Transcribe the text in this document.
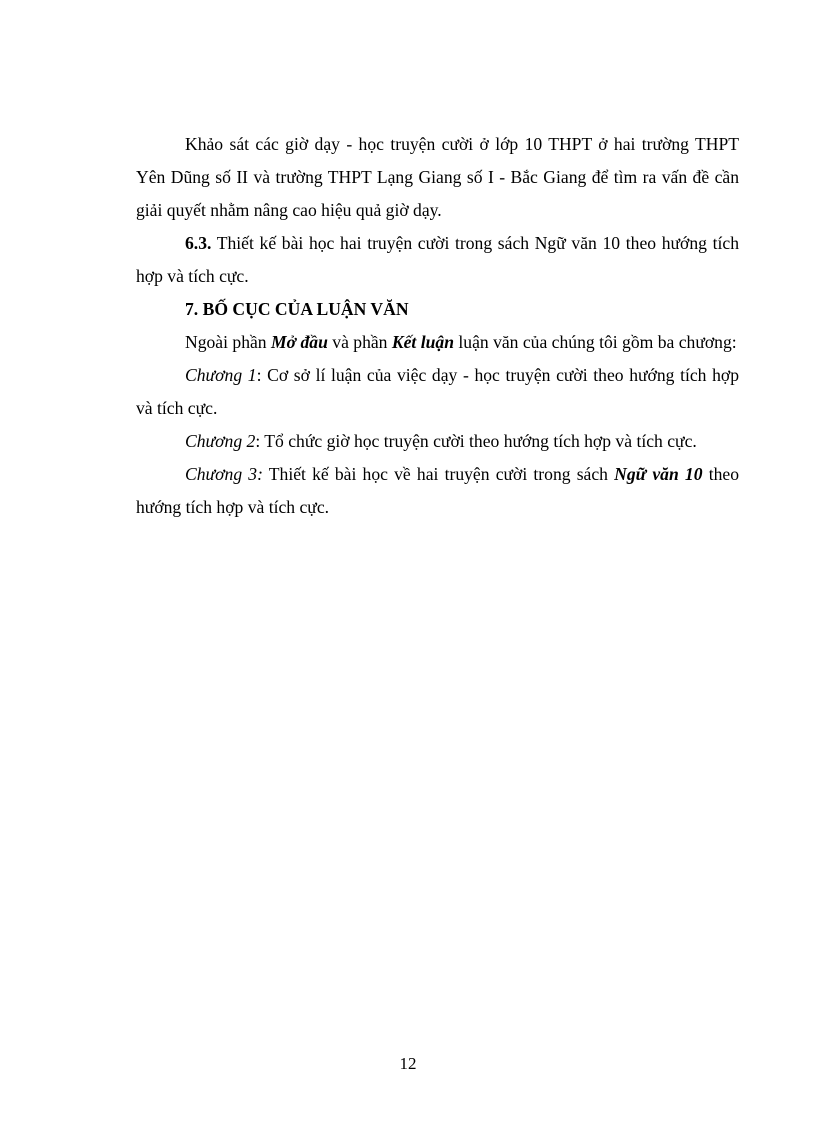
Khảo sát các giờ dạy - học truyện cười ở lớp 10 THPT ở hai trường THPT Yên Dũng số II và trường THPT Lạng Giang số I - Bắc Giang để tìm ra vấn đề cần giải quyết nhằm nâng cao hiệu quả giờ dạy.

6.3. Thiết kế bài học hai truyện cười trong sách Ngữ văn 10 theo hướng tích hợp và tích cực.

7. BỐ CỤC CỦA LUẬN VĂN

Ngoài phần Mở đầu và phần Kết luận luận văn của chúng tôi gồm ba chương:

Chương 1: Cơ sở lí luận của việc dạy - học truyện cười theo hướng tích hợp và tích cực.

Chương 2: Tổ chức giờ học truyện cười theo hướng tích hợp và tích cực.

Chương 3: Thiết kế bài học về hai truyện cười trong sách Ngữ văn 10 theo hướng tích hợp và tích cực.

12
